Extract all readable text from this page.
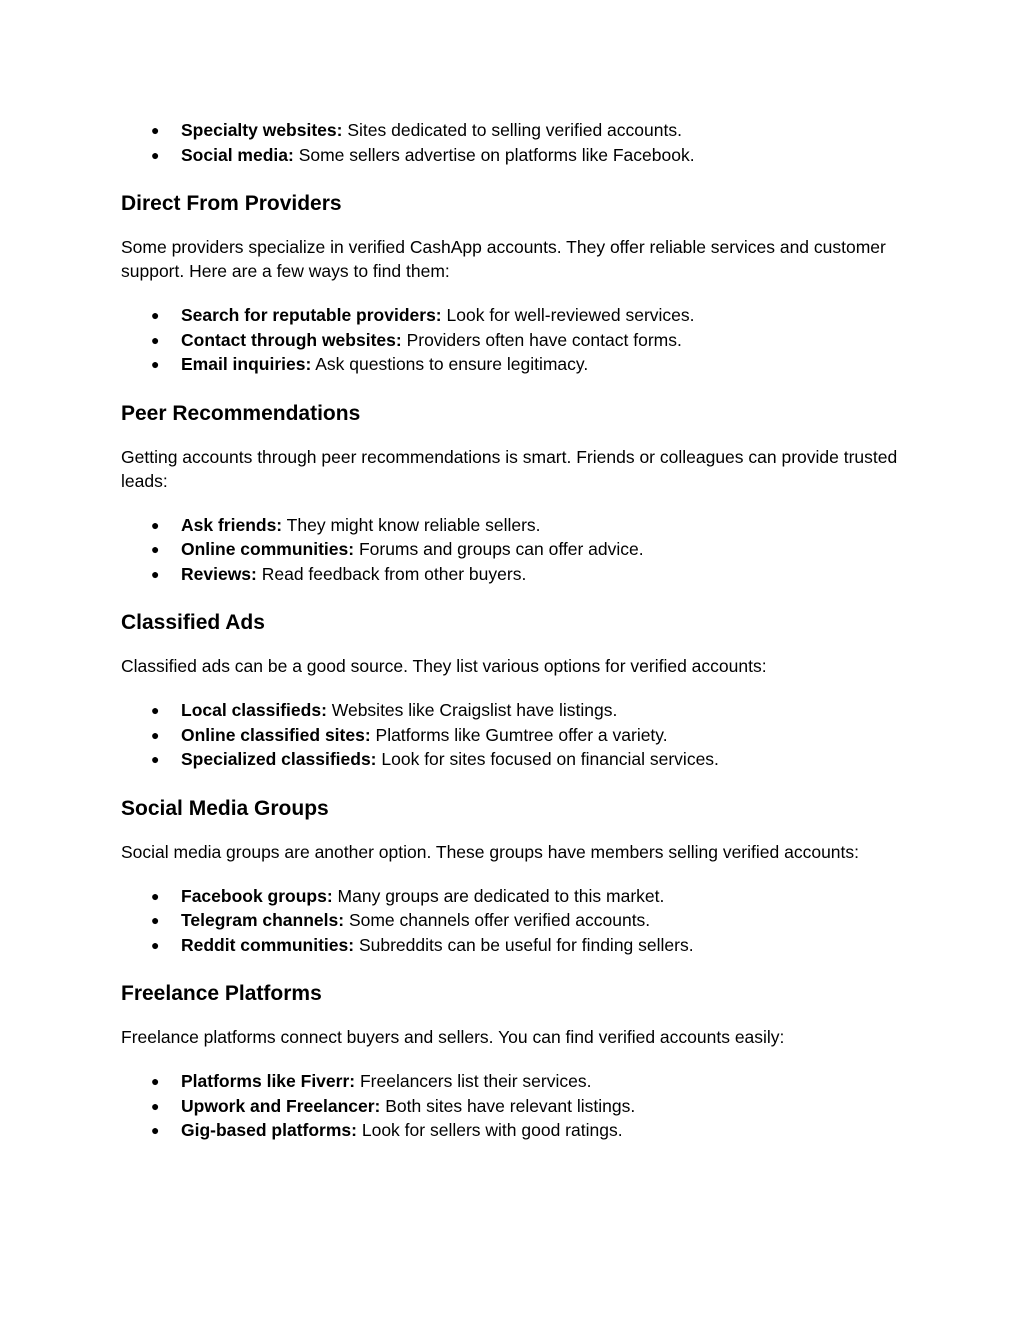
● Specialty websites: Sites dedicated to selling verified accounts.
● Social media: Some sellers advertise on platforms like Facebook.
Direct From Providers

Some providers specialize in verified CashApp accounts. They offer reliable services and customer support. Here are a few ways to find them:

● Search for reputable providers: Look for well-reviewed services.
● Contact through websites: Providers often have contact forms.
● Email inquiries: Ask questions to ensure legitimacy.
Peer Recommendations

Getting accounts through peer recommendations is smart. Friends or colleagues can provide trusted leads:

● Ask friends: They might know reliable sellers.
● Online communities: Forums and groups can offer advice.
● Reviews: Read feedback from other buyers.
Classified Ads

Classified ads can be a good source. They list various options for verified accounts:

● Local classifieds: Websites like Craigslist have listings.
● Online classified sites: Platforms like Gumtree offer a variety.
● Specialized classifieds: Look for sites focused on financial services.
Social Media Groups

Social media groups are another option. These groups have members selling verified accounts:

● Facebook groups: Many groups are dedicated to this market.
● Telegram channels: Some channels offer verified accounts.
● Reddit communities: Subreddits can be useful for finding sellers.
Freelance Platforms

Freelance platforms connect buyers and sellers. You can find verified accounts easily:

● Platforms like Fiverr: Freelancers list their services.
● Upwork and Freelancer: Both sites have relevant listings.
● Gig-based platforms: Look for sellers with good ratings.
